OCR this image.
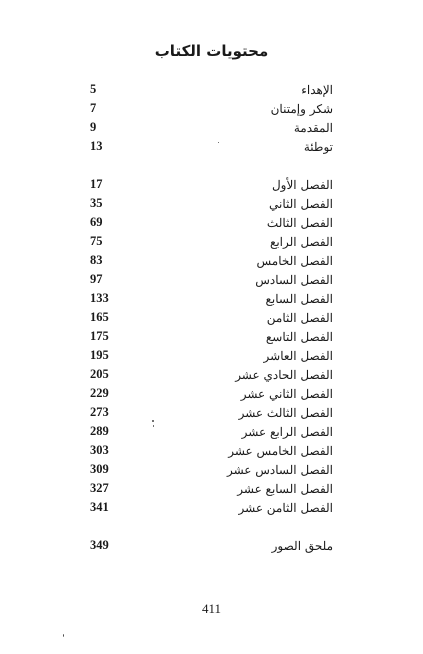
محتويات الكتاب
الإهداء
5
شكر وإمتنان
7
المقدمة
9
توطئة
13
الفصل الأول
17
الفصل الثاني
35
الفصل الثالث
69
الفصل الرابع
75
الفصل الخامس
83
الفصل السادس
97
الفصل السابع
133
الفصل الثامن
165
الفصل التاسع
175
الفصل العاشر
195
الفصل الحادي عشر
205
الفصل الثاني عشر
229
الفصل الثالث عشر
273
الفصل الرابع عشر
289
الفصل الخامس عشر
303
الفصل السادس عشر
309
الفصل السابع عشر
327
الفصل الثامن عشر
341
ملحق الصور
349
411
